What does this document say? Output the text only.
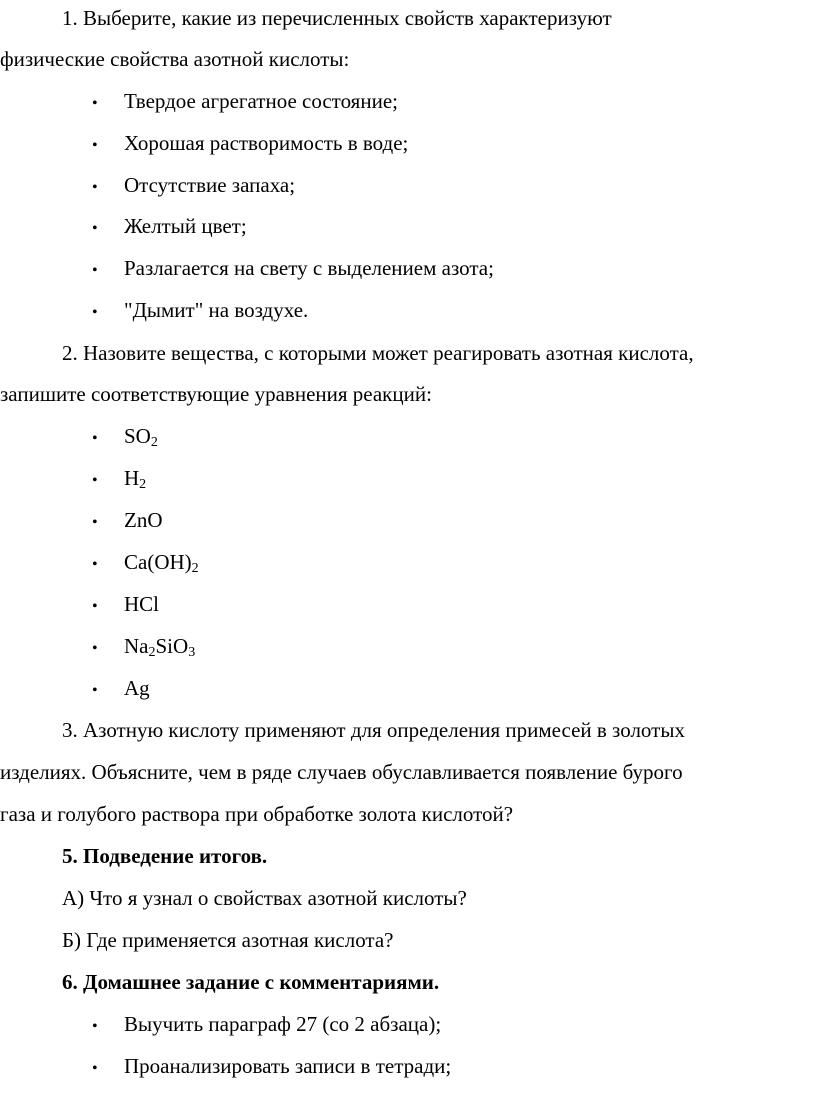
1. Выберите, какие из перечисленных свойств характеризуют
физические свойства азотной кислоты:
•	Твердое агрегатное состояние;
•	Хорошая растворимость в воде;
•	Отсутствие запаха;
•	Желтый цвет;
•	Разлагается на свету с выделением азота;
•	"Дымит" на воздухе.
2. Назовите вещества, с которыми может реагировать азотная кислота,
запишите соответствующие уравнения реакций:
•	$SO_2$
•	$H_2$
•	ZnO
•	$Ca(OH)_2$
•	HCl
•	$Na_2SiO_3$
•	Ag
3. Азотную кислоту применяют для определения примесей в золотых
изделиях. Объясните, чем в ряде случаев обуславливается появление бурого
газа и голубого раствора при обработке золота кислотой?
5. Подведение итогов.
А) Что я узнал о свойствах азотной кислоты?
Б) Где применяется азотная кислота?
6. Домашнее задание с комментариями.
•	Выучить параграф 27 (со 2 абзаца);
•	Проанализировать записи в тетради;
